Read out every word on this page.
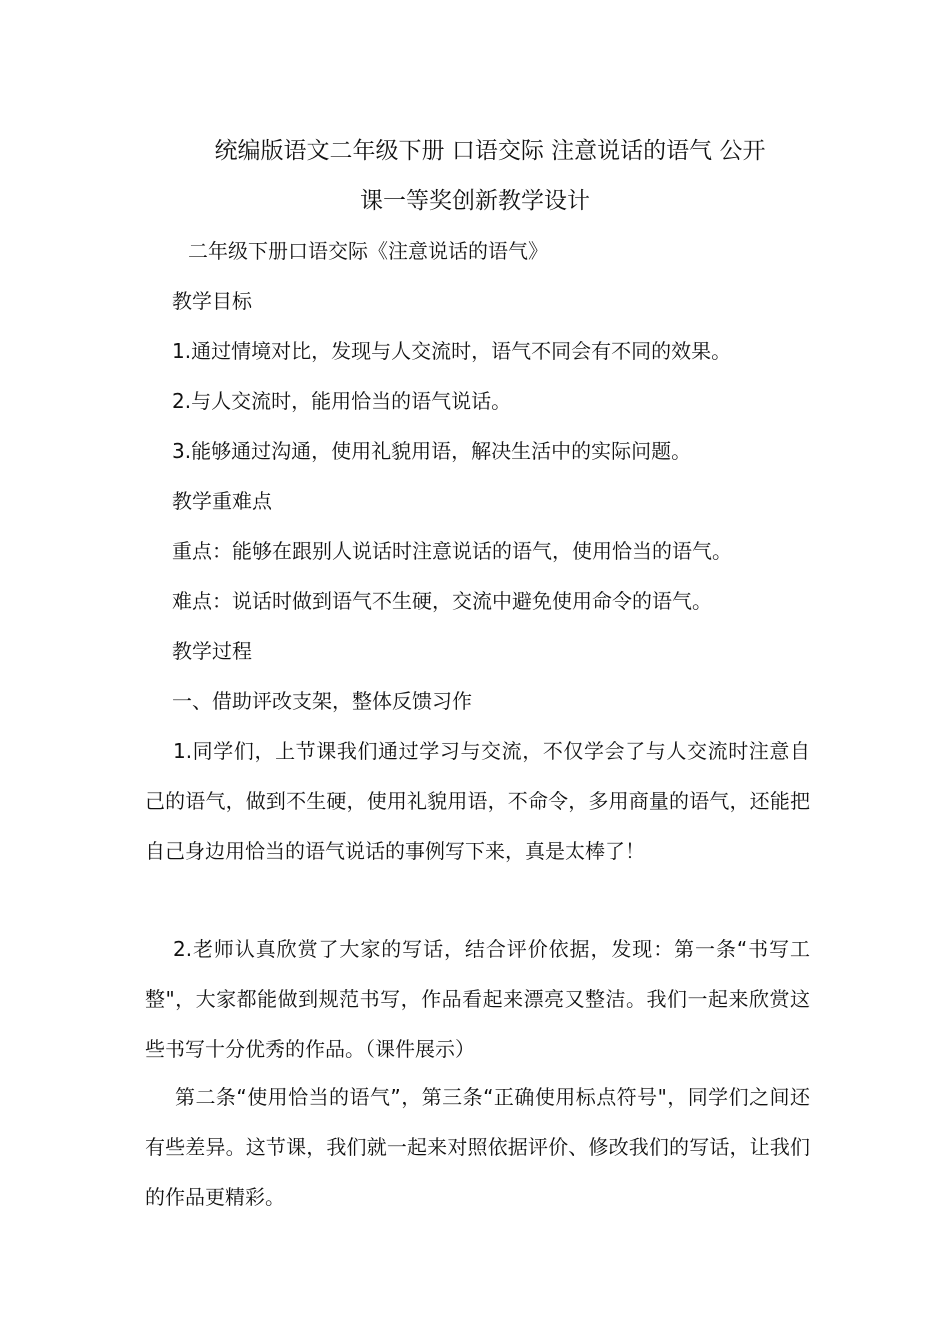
统编版语文二年级下册 口语交际 注意说话的语气 公开
课一等奖创新教学设计
二年级下册口语交际《注意说话的语气》
教学目标
1.通过情境对比，发现与人交流时，语气不同会有不同的效果。
2.与人交流时，能用恰当的语气说话。
3.能够通过沟通，使用礼貌用语，解决生活中的实际问题。
教学重难点
重点：能够在跟别人说话时注意说话的语气，使用恰当的语气。
难点：说话时做到语气不生硬，交流中避免使用命令的语气。
教学过程
一、借助评改支架，整体反馈习作
1.同学们，上节课我们通过学习与交流，不仅学会了与人交流时注意自己的语气，做到不生硬，使用礼貌用语，不命令，多用商量的语气，还能把自己身边用恰当的语气说话的事例写下来，真是太棒了！
2.老师认真欣赏了大家的写话，结合评价依据，发现：第一条“书写工整"，大家都能做到规范书写，作品看起来漂亮又整洁。我们一起来欣赏这些书写十分优秀的作品。（课件展示）
第二条“使用恰当的语气”，第三条“正确使用标点符号"，同学们之间还有些差异。这节课，我们就一起来对照依据评价、修改我们的写话，让我们的作品更精彩。
